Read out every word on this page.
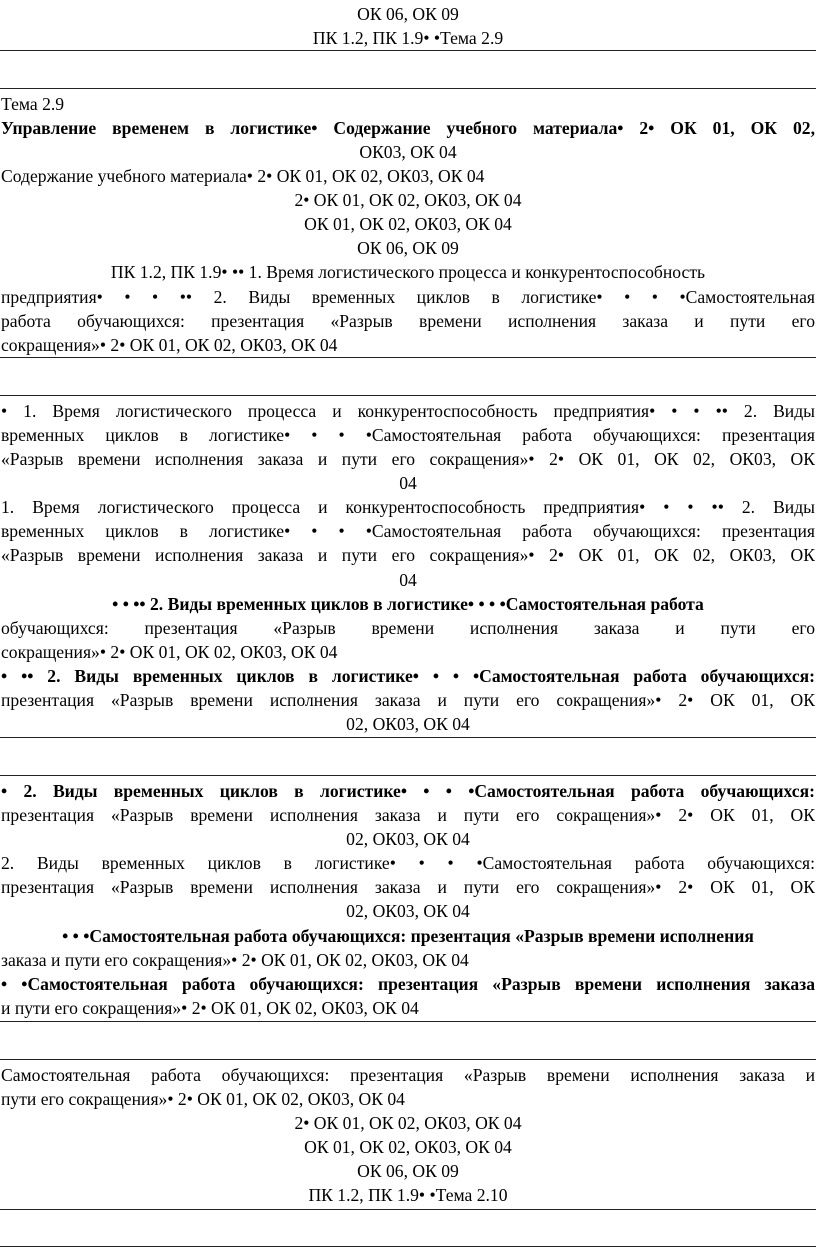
ОК 06, ОК 09
ПК 1.2, ПК 1.9• •Тема 2.9
Тема 2.9
Управление временем в логистике• Содержание учебного материала• 2• ОК 01, ОК 02,
ОК03, ОК 04
Содержание учебного материала• 2• ОК 01, ОК 02, ОК03, ОК 04
2• ОК 01, ОК 02, ОК03, ОК 04
ОК 01, ОК 02, ОК03, ОК 04
ОК 06, ОК 09
ПК 1.2, ПК 1.9• •• 1. Время логистического процесса и конкурентоспособность
предприятия• • • •• 2. Виды временных циклов в логистике• • • •Самостоятельная
работа обучающихся: презентация «Разрыв времени исполнения заказа и пути его
сокращения»• 2• ОК 01, ОК 02, ОК03, ОК 04
• 1. Время логистического процесса и конкурентоспособность предприятия• • • •• 2. Виды
временных циклов в логистике• • • •Самостоятельная работа обучающихся: презентация
«Разрыв времени исполнения заказа и пути его сокращения»• 2• ОК 01, ОК 02, ОК03, ОК
04
1. Время логистического процесса и конкурентоспособность предприятия• • • •• 2. Виды
временных циклов в логистике• • • •Самостоятельная работа обучающихся: презентация
«Разрыв времени исполнения заказа и пути его сокращения»• 2• ОК 01, ОК 02, ОК03, ОК
04
• • •• 2. Виды временных циклов в логистике• • • •Самостоятельная работа
обучающихся: презентация «Разрыв времени исполнения заказа и пути его
сокращения»• 2• ОК 01, ОК 02, ОК03, ОК 04
• •• 2. Виды временных циклов в логистике• • • •Самостоятельная работа обучающихся:
презентация «Разрыв времени исполнения заказа и пути его сокращения»• 2• ОК 01, ОК
02, ОК03, ОК 04
• 2. Виды временных циклов в логистике• • • •Самостоятельная работа обучающихся:
презентация «Разрыв времени исполнения заказа и пути его сокращения»• 2• ОК 01, ОК
02, ОК03, ОК 04
2. Виды временных циклов в логистике• • • •Самостоятельная работа обучающихся:
презентация «Разрыв времени исполнения заказа и пути его сокращения»• 2• ОК 01, ОК
02, ОК03, ОК 04
• • •Самостоятельная работа обучающихся: презентация «Разрыв времени исполнения
заказа и пути его сокращения»• 2• ОК 01, ОК 02, ОК03, ОК 04
• •Самостоятельная работа обучающихся: презентация «Разрыв времени исполнения заказа
и пути его сокращения»• 2• ОК 01, ОК 02, ОК03, ОК 04
Самостоятельная работа обучающихся: презентация «Разрыв времени исполнения заказа и
пути его сокращения»• 2• ОК 01, ОК 02, ОК03, ОК 04
2• ОК 01, ОК 02, ОК03, ОК 04
ОК 01, ОК 02, ОК03, ОК 04
ОК 06, ОК 09
ПК 1.2, ПК 1.9• •Тема 2.10
